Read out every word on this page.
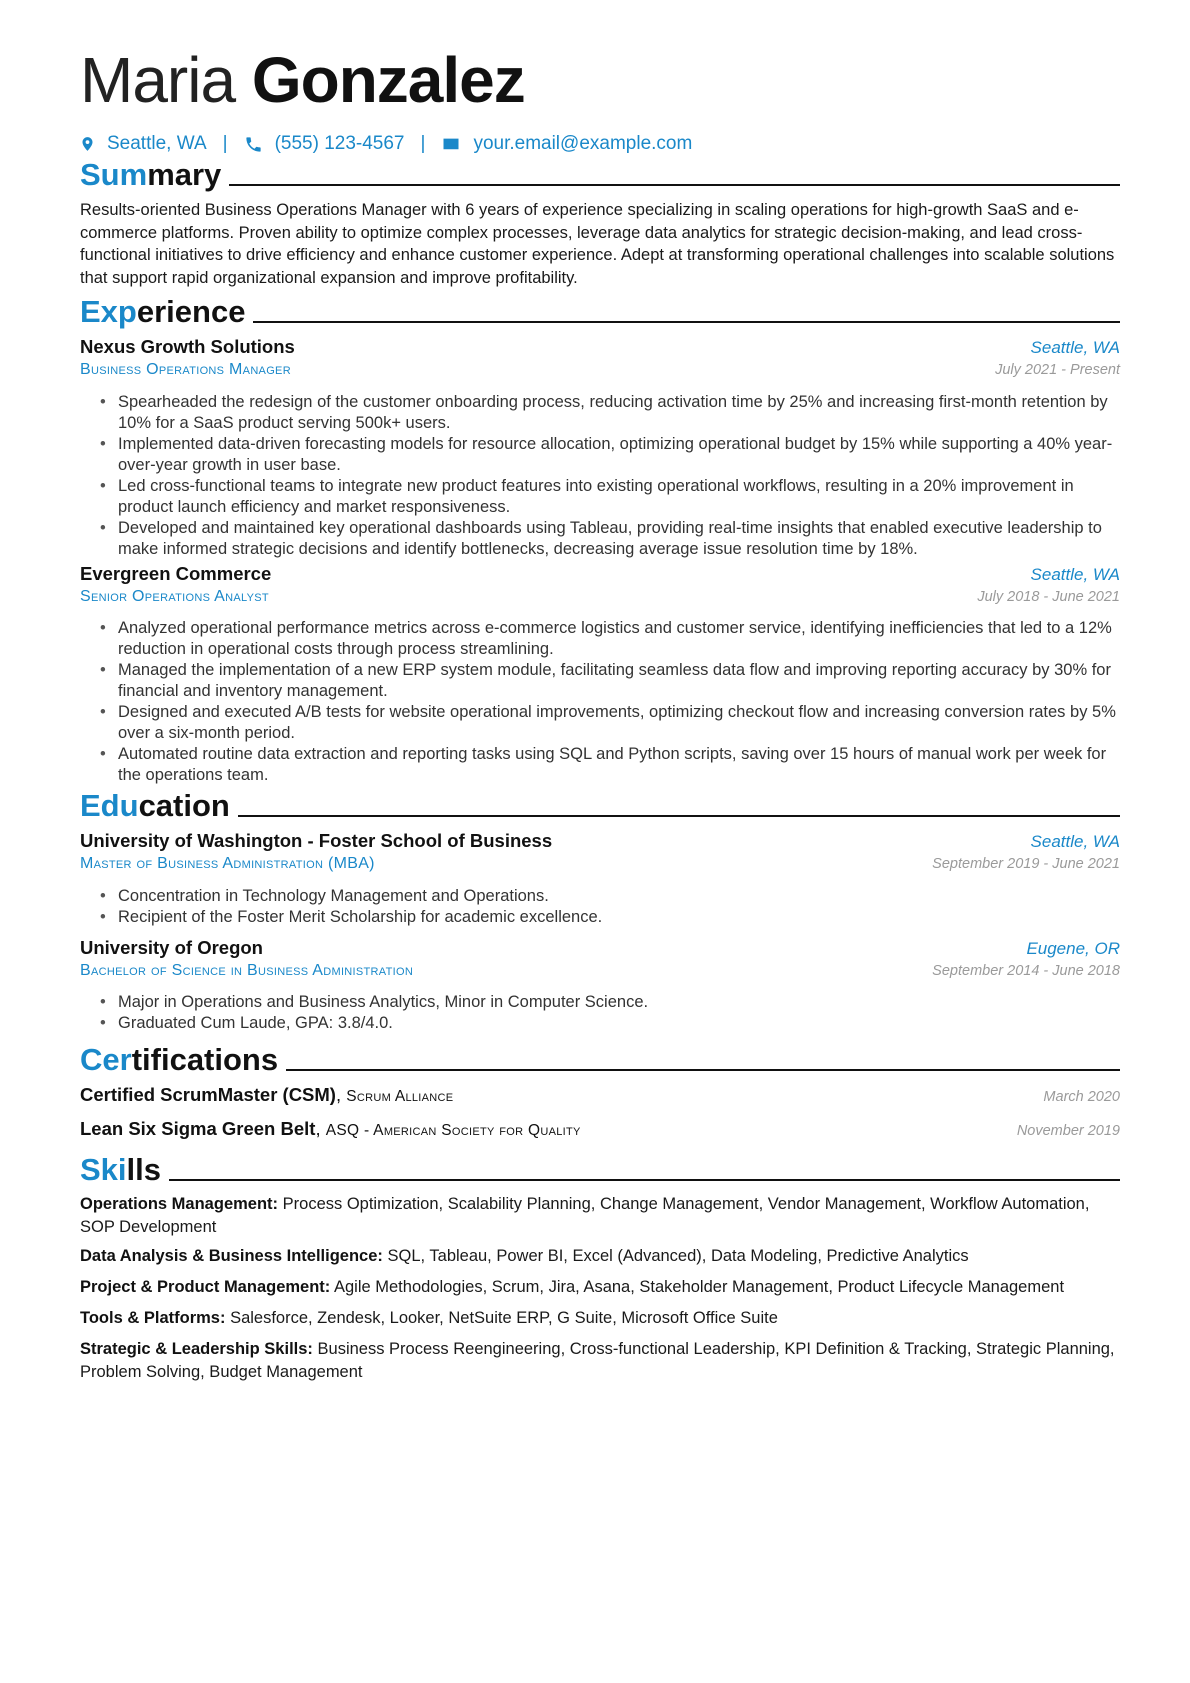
Maria Gonzalez
Seattle, WA | (555) 123-4567 |	your.email@example.com
Summary
Results-oriented Business Operations Manager with 6 years of experience specializing in scaling operations for high-growth SaaS and e-commerce platforms. Proven ability to optimize complex processes, leverage data analytics for strategic decision-making, and lead cross-functional initiatives to drive efficiency and enhance customer experience. Adept at transforming operational challenges into scalable solutions that support rapid organizational expansion and improve profitability.
Experience
Nexus Growth Solutions	Seattle, WA
Business Operations Manager	July 2021 - Present
• Spearheaded the redesign of the customer onboarding process, reducing activation time by 25% and increasing first-month retention by 10% for a SaaS product serving 500k+ users.
• Implemented data-driven forecasting models for resource allocation, optimizing operational budget by 15% while supporting a 40% year-over-year growth in user base.
• Led cross-functional teams to integrate new product features into existing operational workflows, resulting in a 20% improvement in product launch efficiency and market responsiveness.
• Developed and maintained key operational dashboards using Tableau, providing real-time insights that enabled executive leadership to make informed strategic decisions and identify bottlenecks, decreasing average issue resolution time by 18%.
Evergreen Commerce	Seattle, WA
Senior Operations Analyst	July 2018 - June 2021
• Analyzed operational performance metrics across e-commerce logistics and customer service, identifying inefficiencies that led to a 12% reduction in operational costs through process streamlining.
• Managed the implementation of a new ERP system module, facilitating seamless data flow and improving reporting accuracy by 30% for financial and inventory management.
• Designed and executed A/B tests for website operational improvements, optimizing checkout flow and increasing conversion rates by 5% over a six-month period.
• Automated routine data extraction and reporting tasks using SQL and Python scripts, saving over 15 hours of manual work per week for the operations team.
Education
University of Washington - Foster School of Business	Seattle, WA
Master of Business Administration (MBA)	September 2019 - June 2021
• Concentration in Technology Management and Operations.
• Recipient of the Foster Merit Scholarship for academic excellence.
University of Oregon	Eugene, OR
Bachelor of Science in Business Administration	September 2014 - June 2018
• Major in Operations and Business Analytics, Minor in Computer Science.
• Graduated Cum Laude, GPA: 3.8/4.0.
Certifications
Certified ScrumMaster (CSM), Scrum Alliance	March 2020
Lean Six Sigma Green Belt, ASQ - American Society for Quality	November 2019
Skills
Operations Management: Process Optimization, Scalability Planning, Change Management, Vendor Management, Workflow Automation, SOP Development
Data Analysis & Business Intelligence: SQL, Tableau, Power BI, Excel (Advanced), Data Modeling, Predictive Analytics
Project & Product Management: Agile Methodologies, Scrum, Jira, Asana, Stakeholder Management, Product Lifecycle Management
Tools & Platforms: Salesforce, Zendesk, Looker, NetSuite ERP, G Suite, Microsoft Office Suite
Strategic & Leadership Skills: Business Process Reengineering, Cross-functional Leadership, KPI Definition & Tracking, Strategic Planning, Problem Solving, Budget Management
